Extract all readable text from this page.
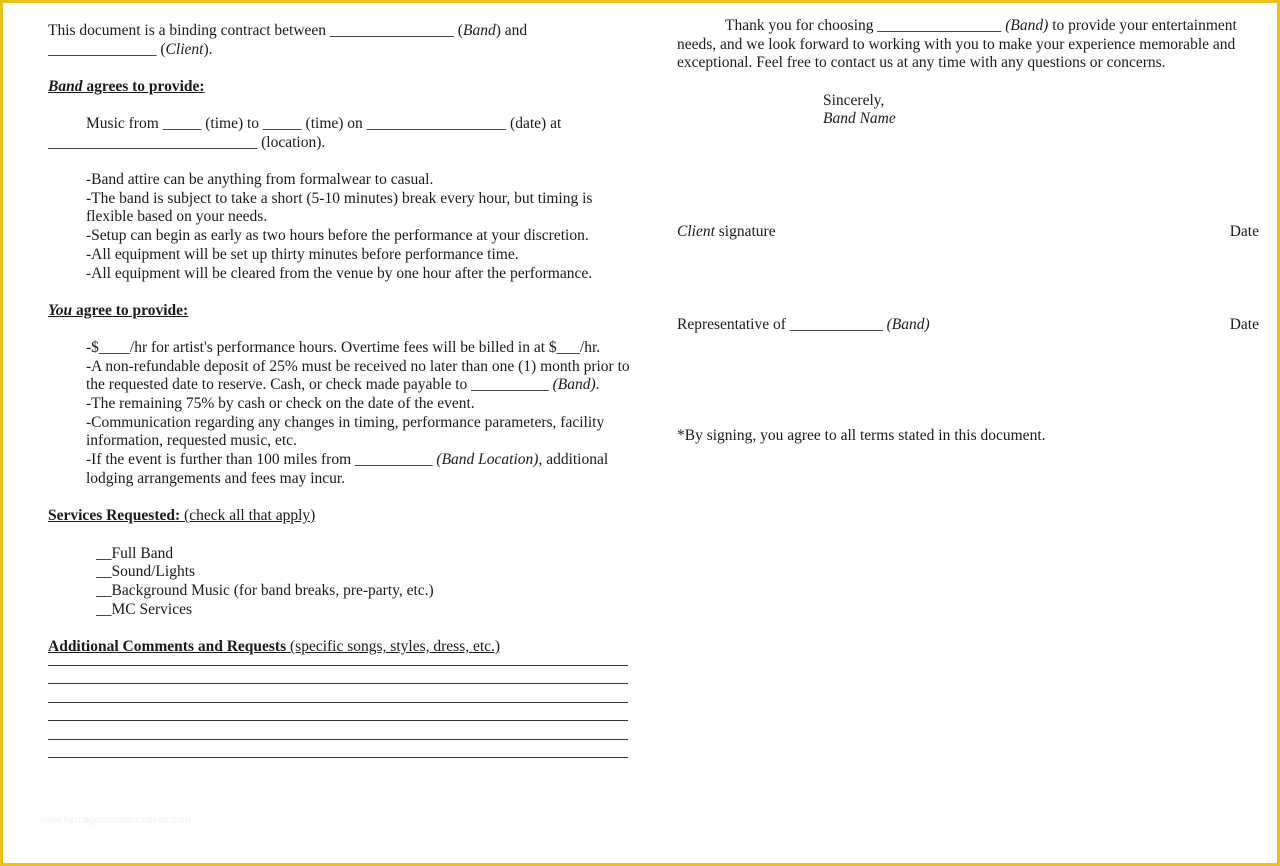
This document is a binding contract between ________________ (Band) and
______________ (Client).

Band agrees to provide:

Music from _____ (time) to _____ (time) on __________________ (date) at
___________________________ (location).

-Band attire can be anything from formalwear to casual.

-The band is subject to take a short (5-10 minutes) break every hour, but timing is flexible based on your needs.

-Setup can begin as early as two hours before the performance at your discretion.

-All equipment will be set up thirty minutes before performance time.

-All equipment will be cleared from the venue by one hour after the performance.

You agree to provide:

-$____/hr for artist's performance hours. Overtime fees will be billed in at $___/hr.

-A non-refundable deposit of 25% must be received no later than one (1) month prior to the requested date to reserve. Cash, or check made payable to __________ (Band).

-The remaining 75% by cash or check on the date of the event.

-Communication regarding any changes in timing, performance parameters, facility information, requested music, etc.

-If the event is further than 100 miles from __________ (Band Location), additional lodging arrangements and fees may incur.

Services Requested: (check all that apply)

__Full Band

__Sound/Lights

__Background Music (for band breaks, pre-party, etc.)

__MC Services

Additional Comments and Requests (specific songs, styles, dress, etc.)

Thank you for choosing ________________ (Band) to provide your entertainment needs, and we look forward to working with you to make your experience memorable and exceptional. Feel free to contact us at any time with any questions or concerns.

Sincerely,

Band Name

Client signature	Date
Representative of ____________ (Band)	Date

*By signing, you agree to all terms stated in this document.

www.heritagechristiancollege.com
